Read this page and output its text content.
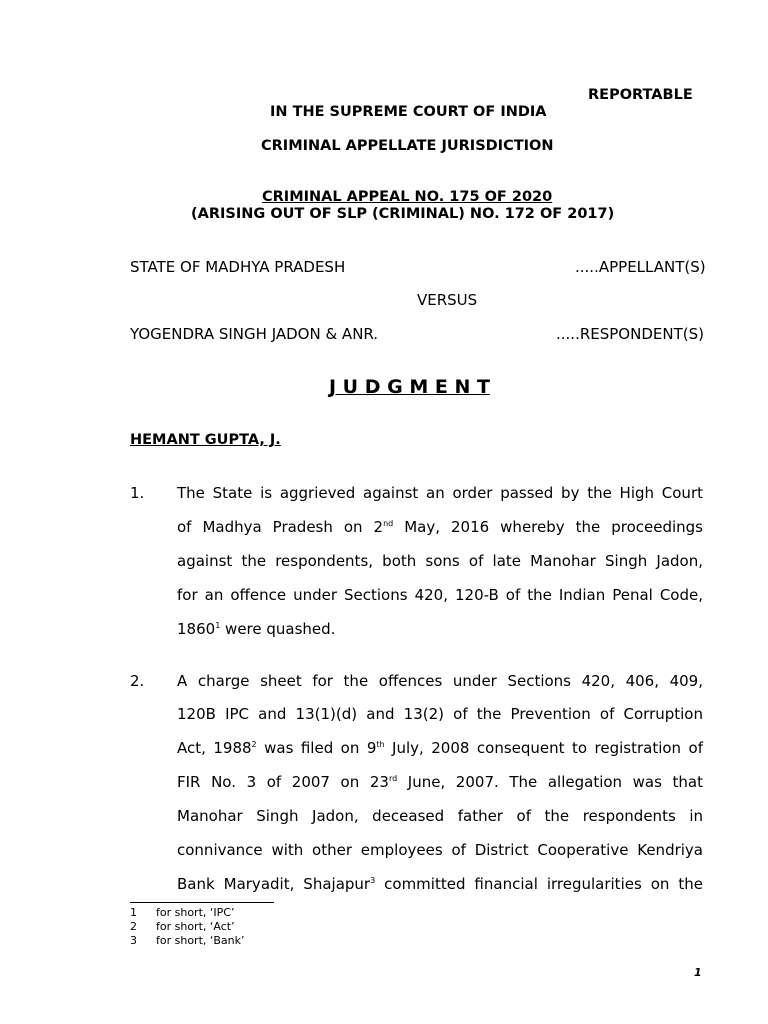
REPORTABLE
IN THE SUPREME COURT OF INDIA
CRIMINAL APPELLATE JURISDICTION
CRIMINAL APPEAL NO. 175 OF 2020
(ARISING OUT OF SLP (CRIMINAL) NO. 172 OF 2017)
STATE OF MADHYA PRADESH	.....APPELLANT(S)
VERSUS
YOGENDRA SINGH JADON & ANR.	.....RESPONDENT(S)
J U D G M E N T
HEMANT GUPTA, J.
1. The State is aggrieved against an order passed by the High Court
of Madhya Pradesh on 2nd May, 2016 whereby the proceedings
against the respondents, both sons of late Manohar Singh Jadon,
for an offence under Sections 420, 120-B of the Indian Penal Code,
1860$^1$ were quashed.
2. A charge sheet for the offences under Sections 420, 406, 409,
120B IPC and 13(1)(d) and 13(2) of the Prevention of Corruption
Act, 1988$^2$ was filed on 9th July, 2008 consequent to registration of
FIR No. 3 of 2007 on 23rd June, 2007. The allegation was that
Manohar Singh Jadon, deceased father of the respondents in
connivance with other employees of District Cooperative Kendriya
Bank Maryadit, Shajapur$^3$ committed financial irregularities on the
1 for short, ‘IPC’
2 for short, ‘Act’
3 for short, ‘Bank’
1
